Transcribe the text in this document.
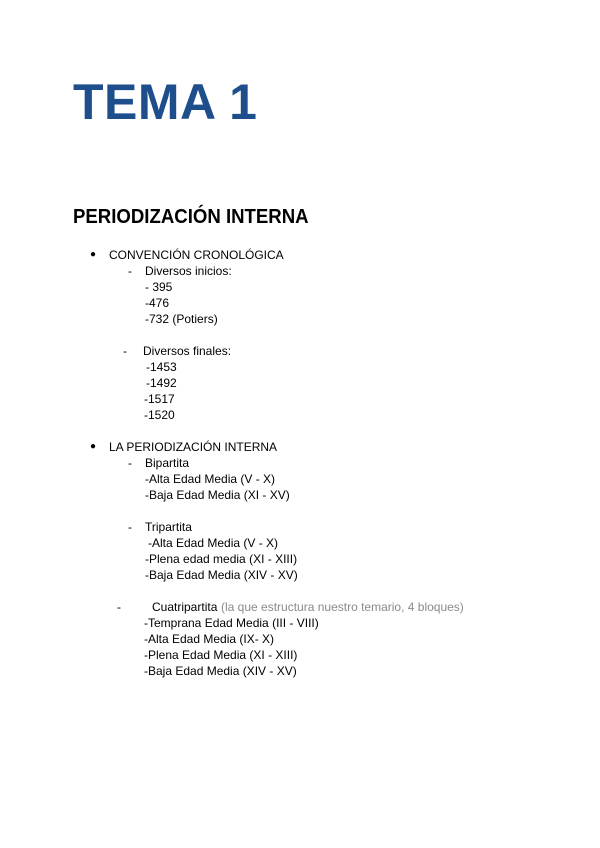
TEMA 1
PERIODIZACIÓN INTERNA
● CONVENCIÓN CRONOLÓGICA
- Diversos inicios:
- 395
-476
-732 (Potiers)
- Diversos finales:
-1453
-1492
-1517
-1520
● LA PERIODIZACIÓN INTERNA
- Bipartita
-Alta Edad Media (V - X)
-Baja Edad Media (XI - XV)
- Tripartita
-Alta Edad Media (V - X)
-Plena edad media (XI - XIII)
-Baja Edad Media (XIV - XV)
-	Cuatripartita (la que estructura nuestro temario, 4 bloques)
-Temprana Edad Media (III - VIII)
-Alta Edad Media (IX- X)
-Plena Edad Media (XI - XIII)
-Baja Edad Media (XIV - XV)
